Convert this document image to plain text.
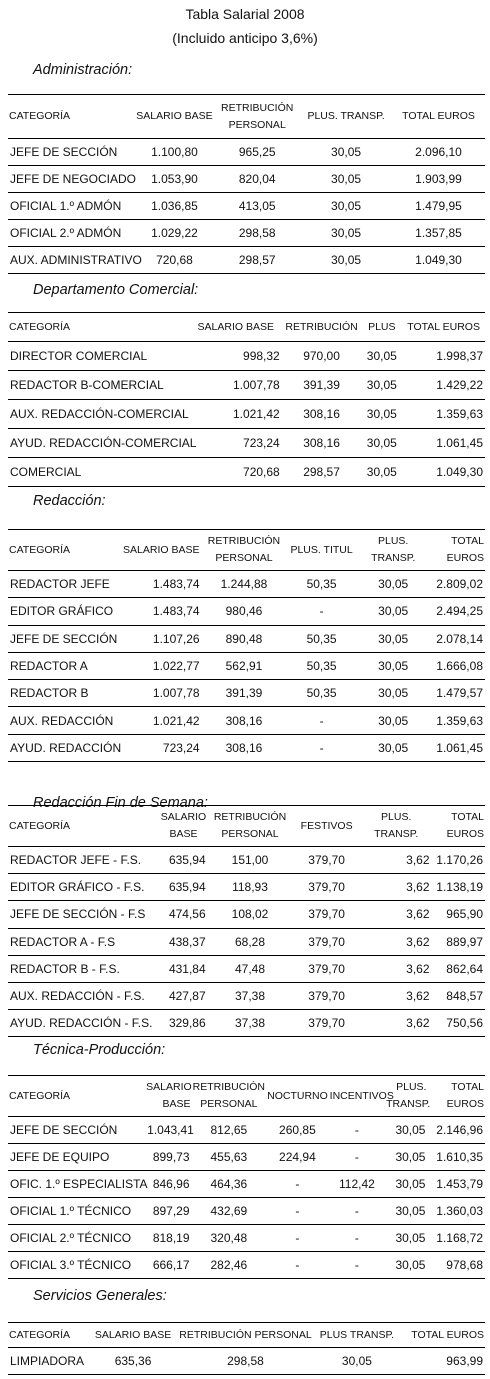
Tabla Salarial 2008
(Incluido anticipo 3,6%)
Administración:
CATEGORÍA	SALARIO BASE	RETRIBUCIÓN PERSONAL	PLUS. TRANSP.	TOTAL EUROS
JEFE DE SECCIÓN	1.100,80	965,25	30,05	2.096,10
JEFE DE NEGOCIADO	1.053,90	820,04	30,05	1.903,99
OFICIAL 1.º ADMÓN	1.036,85	413,05	30,05	1.479,95
OFICIAL 2.º ADMÓN	1.029,22	298,58	30,05	1.357,85
AUX. ADMINISTRATIVO	720,68	298,57	30,05	1.049,30
Departamento Comercial:
CATEGORÍA	SALARIO BASE	RETRIBUCIÓN	PLUS	TOTAL EUROS
DIRECTOR COMERCIAL	998,32	970,00	30,05	1.998,37
REDACTOR B-COMERCIAL	1.007,78	391,39	30,05	1.429,22
AUX. REDACCIÓN-COMERCIAL	1.021,42	308,16	30,05	1.359,63
AYUD. REDACCIÓN-COMERCIAL	723,24	308,16	30,05	1.061,45
COMERCIAL	720,68	298,57	30,05	1.049,30
Redacción:
CATEGORÍA	SALARIO BASE	RETRIBUCIÓN PERSONAL	PLUS. TITUL	PLUS. TRANSP.	TOTAL EUROS
REDACTOR JEFE	1.483,74	1.244,88	50,35	30,05	2.809,02
EDITOR GRÁFICO	1.483,74	980,46	-	30,05	2.494,25
JEFE DE SECCIÓN	1.107,26	890,48	50,35	30,05	2.078,14
REDACTOR A	1.022,77	562,91	50,35	30,05	1.666,08
REDACTOR B	1.007,78	391,39	50,35	30,05	1.479,57
AUX. REDACCIÓN	1.021,42	308,16	-	30,05	1.359,63
AYUD. REDACCIÓN	723,24	308,16	-	30,05	1.061,45
Redacción Fin de Semana:
CATEGORÍA	SALARIO BASE	RETRIBUCIÓN PERSONAL	FESTIVOS	PLUS. TRANSP.	TOTAL EUROS
REDACTOR JEFE - F.S.	635,94	151,00	379,70	3,62	1.170,26
EDITOR GRÁFICO - F.S.	635,94	118,93	379,70	3,62	1.138,19
JEFE DE SECCIÓN - F.S	474,56	108,02	379,70	3,62	965,90
REDACTOR A - F.S	438,37	68,28	379,70	3,62	889,97
REDACTOR B - F.S.	431,84	47,48	379,70	3,62	862,64
AUX. REDACCIÓN - F.S.	427,87	37,38	379,70	3,62	848,57
AYUD. REDACCIÓN - F.S.	329,86	37,38	379,70	3,62	750,56
Técnica-Producción:
CATEGORÍA	SALARIO BASE	RETRIBUCIÓN PERSONAL	NOCTURNO	INCENTIVOS	PLUS. TRANSP.	TOTAL EUROS
JEFE DE SECCIÓN	1.043,41	812,65	260,85	-	30,05	2.146,96
JEFE DE EQUIPO	899,73	455,63	224,94	-	30,05	1.610,35
OFIC. 1.º ESPECIALISTA	846,96	464,36	-	112,42	30,05	1.453,79
OFICIAL 1.º TÉCNICO	897,29	432,69	-	-	30,05	1.360,03
OFICIAL 2.º TÉCNICO	818,19	320,48	-	-	30,05	1.168,72
OFICIAL 3.º TÉCNICO	666,17	282,46	-	-	30,05	978,68
Servicios Generales:
CATEGORÍA	SALARIO BASE	RETRIBUCIÓN PERSONAL	PLUS TRANSP.	TOTAL EUROS
LIMPIADORA	635,36	298,58	30,05	963,99
